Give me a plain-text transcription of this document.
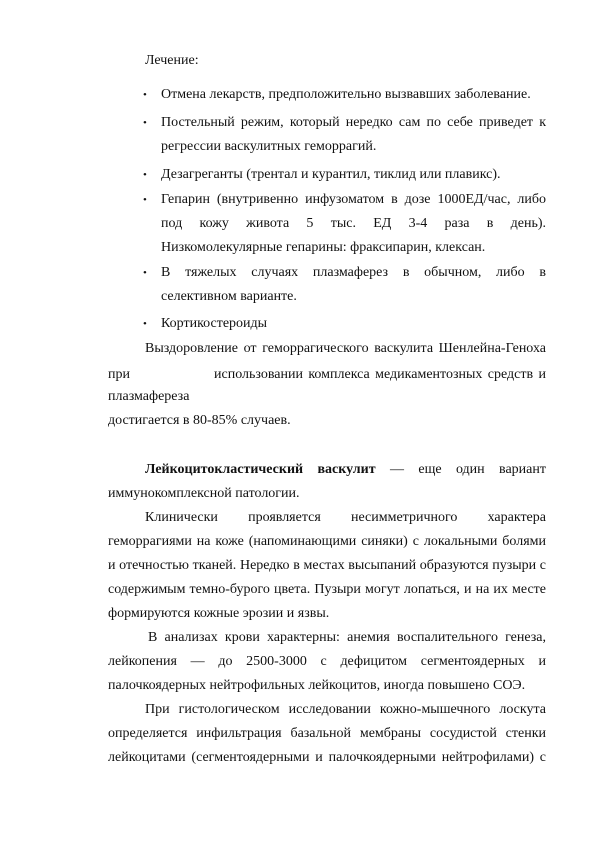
Лечение:
• Отмена лекарств, предположительно вызвавших заболевание.
• Постельный режим, который нередко сам по себе приведет к
регрессии васкулитных геморрагий.
• Дезагреганты (трентал и курантил, тиклид или плавикс).
• Гепарин (внутривенно инфузоматом в дозе 1000ЕД/час, либо
под кожу живота 5 тыс. ЕД 3-4 раза в день).
Низкомолекулярные гепарины: фраксипарин, клексан.
• В тяжелых случаях плазмаферез в обычном, либо в
селективном варианте.
• Кортикостероиды
Выздоровление от геморрагического васкулита Шенлейна-Геноха
при	использовании комплекса медикаментозных средств и
плазмафереза
достигается в 80-85% случаев.
Лейкоцитокластический васкулит — еще один вариант
иммунокомплексной патологии.
Клинически проявляется несимметричного характера
геморрагиями на коже (напоминающими синяки) с локальными болями
и отечностью тканей. Нередко в местах высыпаний образуются пузыри с
содержимым темно-бурого цвета. Пузыри могут лопаться, и на их месте
формируются кожные эрозии и язвы.
В анализах крови характерны: анемия воспалительного генеза,
лейкопения — до 2500-3000 с дефицитом сегментоядерных и
палочкоядерных нейтрофильных лейкоцитов, иногда повышено СОЭ.
При гистологическом исследовании кожно-мышечного лоскута
определяется инфильтрация базальной мембраны сосудистой стенки
лейкоцитами (сегментоядерными и палочкоядерными нейтрофилами) с
